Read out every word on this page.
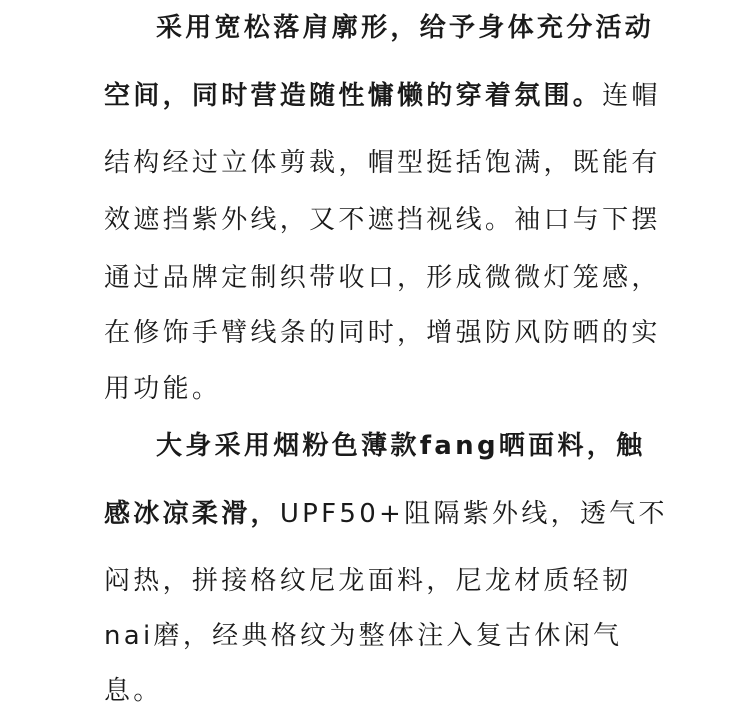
采用宽松落肩廓形，给予身体充分活动
空间，同时营造随性慵懒的穿着氛围。连帽
结构经过立体剪裁，帽型挺括饱满，既能有
效遮挡紫外线，又不遮挡视线。袖口与下摆
通过品牌定制织带收口，形成微微灯笼感，
在修饰手臂线条的同时，增强防风防晒的实
用功能。
大身采用烟粉色薄款fang晒面料，触
感冰凉柔滑，UPF50+阻隔紫外线，透气不
闷热，拼接格纹尼龙面料，尼龙材质轻韧
nai磨，经典格纹为整体注入复古休闲气
息。
